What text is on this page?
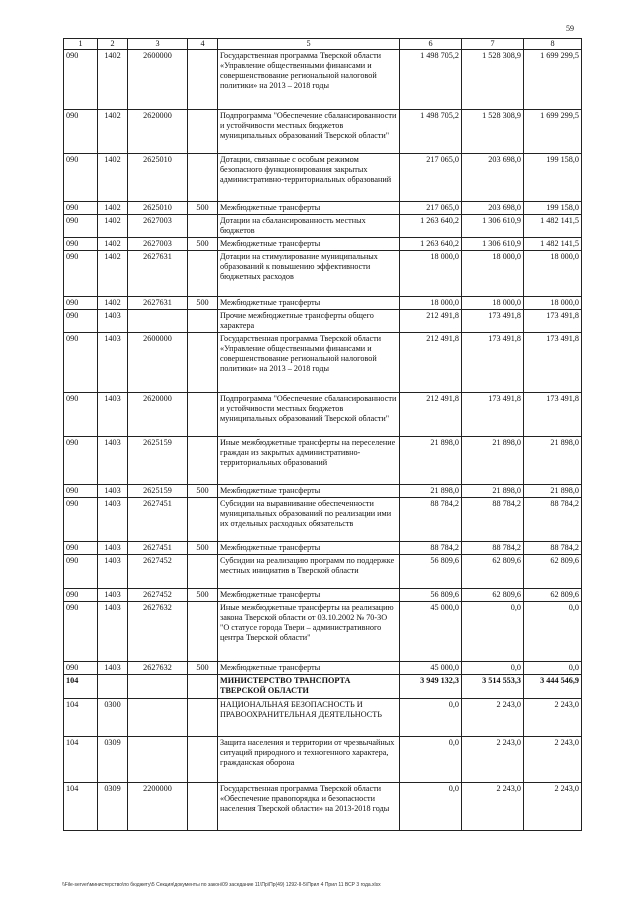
59
1	2	3	4	5	6	7	8
090	1402	2600000		Государственная программа Тверской области «Управление общественными финансами и совершенствование региональной налоговой политики» на 2013 – 2018 годы	1 498 705,2	1 528 308,9	1 699 299,5
090	1402	2620000		Подпрограмма "Обеспечение сбалансированности и устойчивости местных бюджетов муниципальных образований Тверской области"	1 498 705,2	1 528 308,9	1 699 299,5
090	1402	2625010		Дотации, связанные с особым режимом безопасного функционирования закрытых административно-территориальных образований	217 065,0	203 698,0	199 158,0
090	1402	2625010	500	Межбюджетные трансферты	217 065,0	203 698,0	199 158,0
090	1402	2627003		Дотации на сбалансированность местных бюджетов	1 263 640,2	1 306 610,9	1 482 141,5
090	1402	2627003	500	Межбюджетные трансферты	1 263 640,2	1 306 610,9	1 482 141,5
090	1402	2627631		Дотации на стимулирование муниципальных образований к повышению эффективности бюджетных расходов	18 000,0	18 000,0	18 000,0
090	1402	2627631	500	Межбюджетные трансферты	18 000,0	18 000,0	18 000,0
090	1403			Прочие межбюджетные трансферты общего характера	212 491,8	173 491,8	173 491,8
090	1403	2600000		Государственная программа Тверской области «Управление общественными финансами и совершенствование региональной налоговой политики» на 2013 – 2018 годы	212 491,8	173 491,8	173 491,8
090	1403	2620000		Подпрограмма "Обеспечение сбалансированности и устойчивости местных бюджетов муниципальных образований Тверской области"	212 491,8	173 491,8	173 491,8
090	1403	2625159		Иные межбюджетные трансферты на переселение граждан из закрытых административно-территориальных образований	21 898,0	21 898,0	21 898,0
090	1403	2625159	500	Межбюджетные трансферты	21 898,0	21 898,0	21 898,0
090	1403	2627451		Субсидии на выравнивание обеспеченности муниципальных образований по реализации ими их отдельных расходных обязательств	88 784,2	88 784,2	88 784,2
090	1403	2627451	500	Межбюджетные трансферты	88 784,2	88 784,2	88 784,2
090	1403	2627452		Субсидии на реализацию программ по поддержке местных инициатив в Тверской области	56 809,6	62 809,6	62 809,6
090	1403	2627452	500	Межбюджетные трансферты	56 809,6	62 809,6	62 809,6
090	1403	2627632		Иные межбюджетные трансферты на реализацию закона Тверской области от 03.10.2002 № 70-ЗО "О статусе города Твери – административного центра Тверской области"	45 000,0	0,0	0,0
090	1403	2627632	500	Межбюджетные трансферты	45 000,0	0,0	0,0
104				МИНИСТЕРСТВО ТРАНСПОРТА ТВЕРСКОЙ ОБЛАСТИ	3 949 132,3	3 514 553,3	3 444 546,9
104	0300			НАЦИОНАЛЬНАЯ БЕЗОПАСНОСТЬ И ПРАВООХРАНИТЕЛЬНАЯ ДЕЯТЕЛЬНОСТЬ	0,0	2 243,0	2 243,0
104	0309			Защита населения и территории от чрезвычайных ситуаций природного и техногенного характера, гражданская оборона	0,0	2 243,0	2 243,0
104	0309	2200000		Государственная программа Тверской области «Обеспечение правопорядка и безопасности населения Тверской области» на 2013-2018 годы	0,0	2 243,0	2 243,0
\\File-server\министерство\по бюджету\5 Секция\документы по закон\09 заседание 11\Пр\Пр(49) 1292-II-5\Прил 4 Прил 11 ВСР 3 года.xlsx
